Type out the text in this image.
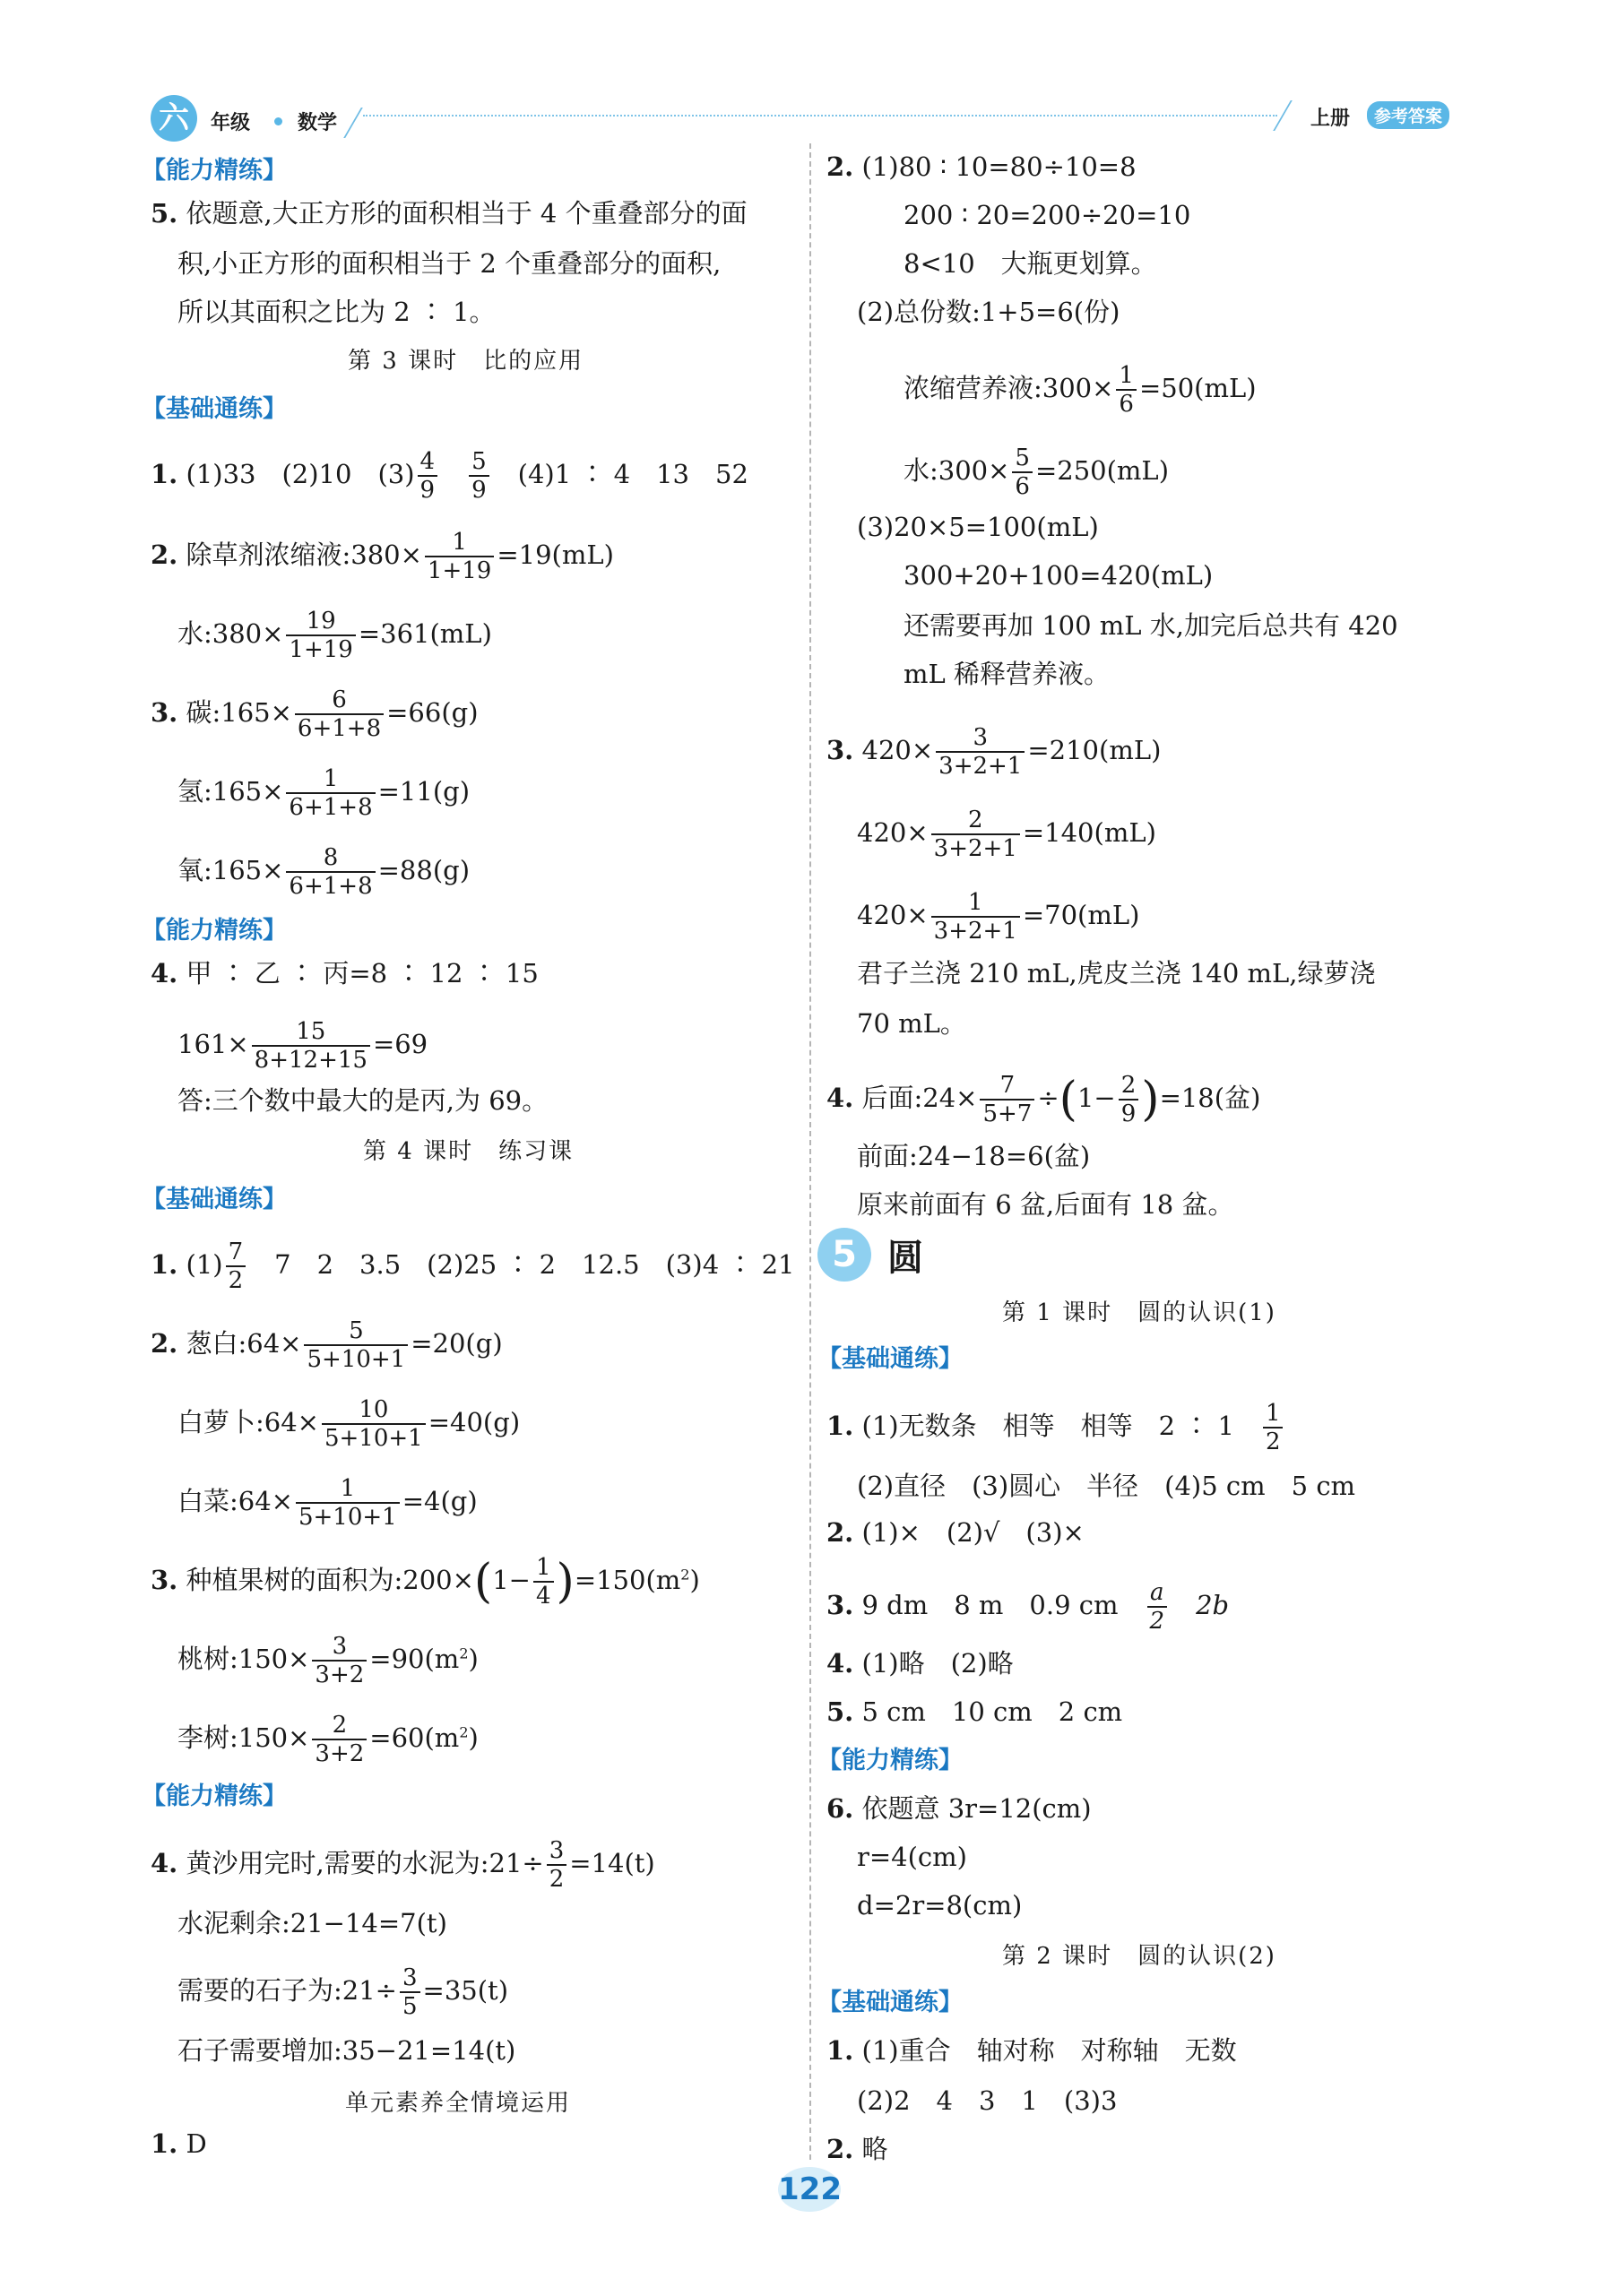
六	年级 数学	上册	参考答案
【能力精练】
5. 依题意,大正方形的面积相当于 4 个重叠部分的面
积,小正方形的面积相当于 2 个重叠部分的面积,
所以其面积之比为 2 ∶ 1。
第 3 课时　比的应用
【基础通练】
1. (1)33　(2)10　$(3) \frac{4}{9}$
　 $\frac{5}{9}$
　 (4)1 ∶ 4　13　52
2. 除草剂浓缩液:380× $\frac{1}{1+19} =19(mL)$
水:380× $\frac{19}{1+19} =361(mL)$
3. 碳:165× $\frac{6}{6+1+8} =66(g)$
氢:165× $\frac{1}{6+1+8} =11(g)$
氧:165× $\frac{8}{6+1+8} =88(g)$
【能力精练】
4. 甲 ∶ 乙 ∶ 丙=8 ∶ 12 ∶ 15
$161\times \frac{15}{8+12+15} =69$
答:三个数中最大的是丙,为 69。
第 4 课时　练习课
【基础通练】
1. $(1) \frac{7}{2}$
　 7　2　3.5　(2)25 ∶ 2　12.5　(3)4 ∶ 21
2. 葱白:64× $\frac{5}{5+10+1} =20(g)$
白萝卜:64× $\frac{10}{5+10+1} =40(g)$
白菜:64× $\frac{1}{5+10+1} =4(g)$
3. 种植果树的面积为:200×(1− $\frac{1}{4} )=150(m^2)$
桃树:150× $\frac{3}{3+2} =90(m^2)$
李树:150× $\frac{2}{3+2} =60(m^2)$
【能力精练】
4. 黄沙用完时,需要的水泥为:21÷ $\frac{3}{2} =14(t)$
水泥剩余:21−14=7(t)
需要的石子为:21÷ $\frac{3}{5} =35(t)$
石子需要增加:35−21=14(t)
单元素养全情境运用
1. D
2. (1)80 ∶ 10=80÷10=8
200 ∶ 20=200÷20=10
8<10　大瓶更划算。
(2)总份数:1+5=6(份)
浓缩营养液:300× $\frac{1}{6} =50(mL)$
水:300× $\frac{5}{6} =250(mL)$
(3)20×5=100(mL)
300+20+100=420(mL)
还需要再加 100 mL 水,加完后总共有 420
mL 稀释营养液。
3. $420\times \frac{3}{3+2+1} =210(mL)$
$420\times \frac{2}{3+2+1} =140(mL)$
$420\times \frac{1}{3+2+1} =70(mL)$
君子兰浇 210 mL,虎皮兰浇 140 mL,绿萝浇
70 mL。
4. 后面:24× $\frac{7}{5+7} \div(1- \frac{2}{9} )=18$(盆)
前面:24−18=6(盆)
原来前面有 6 盆,后面有 18 盆。
5 圆
第 1 课时　圆的认识(1)
【基础通练】
1. (1)无数条　相等　相等　2 ∶ 1　 $\frac{1}{2}$
(2)直径　(3)圆心　半径　(4)5 cm　5 cm
2. (1)×　(2)√　(3)×
3. 9 dm　8 m　0.9 cm　 $\frac{a}{2}$
　 2b
4. (1)略　(2)略
5. 5 cm　10 cm　2 cm
【能力精练】
6. 依题意 3r=12(cm)
r=4(cm)
d=2r=8(cm)
第 2 课时　圆的认识(2)
【基础通练】
1. (1)重合　轴对称　对称轴　无数
(2)2　4　3　1　(3)3
2. 略
122
